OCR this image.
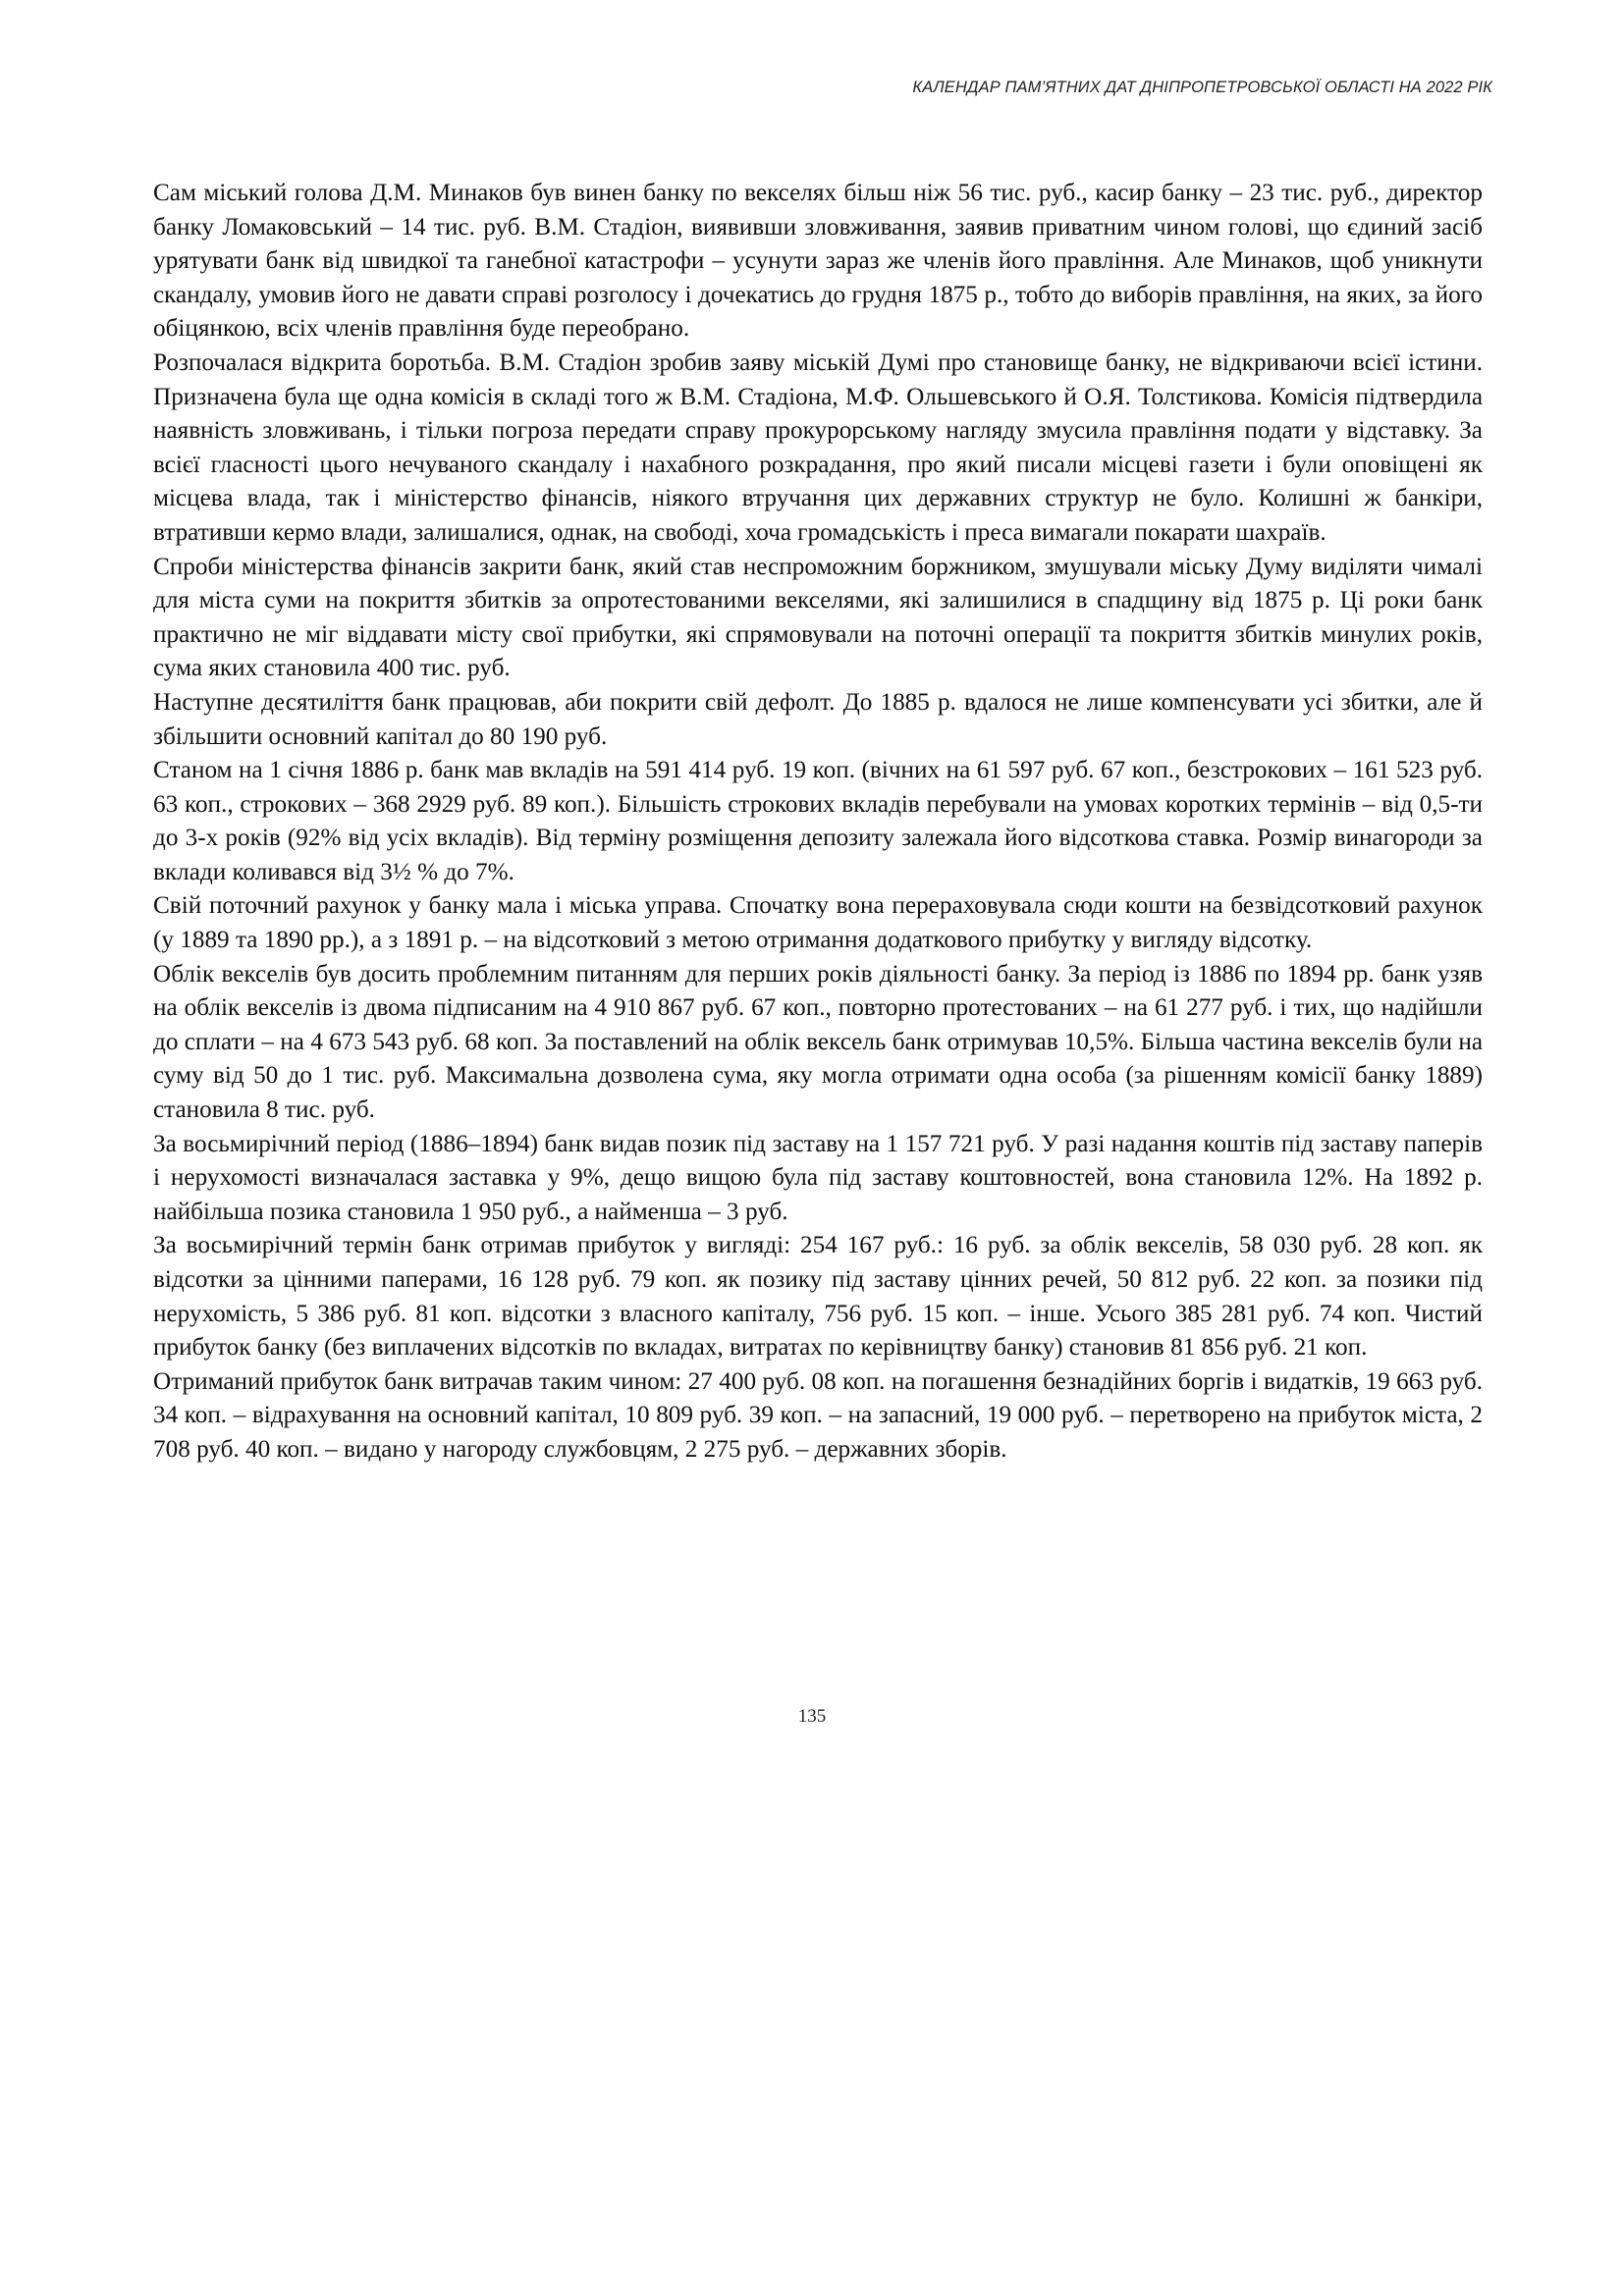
КАЛЕНДАР ПАМ’ЯТНИХ ДАТ ДНІПРОПЕТРОВСЬКОЇ ОБЛАСТІ НА 2022 РІК

Сам міський голова Д.М. Минаков був винен банку по векселях більш ніж 56 тис. руб., касир банку – 23 тис. руб., директор банку Ломаковський – 14 тис. руб. В.М. Стадіон, виявивши зловживання, заявив приватним чином голові, що єдиний засіб урятувати банк від швидкої та ганебної катастрофи – усунути зараз же членів його правління. Але Минаков, щоб уникнути скандалу, умовив його не давати справі розголосу і дочекатись до грудня 1875 р., тобто до виборів правління, на яких, за його обіцянкою, всіх членів правління буде переобрано.

Розпочалася відкрита боротьба. В.М. Стадіон зробив заяву міській Думі про становище банку, не відкриваючи всієї істини. Призначена була ще одна комісія в складі того ж В.М. Стадіона, М.Ф. Ольшевського й О.Я. Толстикова. Комісія підтвердила наявність зловживань, і тільки погроза передати справу прокурорському нагляду змусила правління подати у відставку. За всієї гласності цього нечуваного скандалу і нахабного розкрадання, про який писали місцеві газети і були оповіщені як місцева влада, так і міністерство фінансів, ніякого втручання цих державних структур не було. Колишні ж банкіри, втративши кермо влади, залишалися, однак, на свободі, хоча громадськість і преса вимагали покарати шахраїв.

Спроби міністерства фінансів закрити банк, який став неспроможним боржником, змушували міську Думу виділяти чималі для міста суми на покриття збитків за опротестованими векселями, які залишилися в спадщину від 1875 р. Ці роки банк практично не міг віддавати місту свої прибутки, які спрямовували на поточні операції та покриття збитків минулих років, сума яких становила 400 тис. руб.

Наступне десятиліття банк працював, аби покрити свій дефолт. До 1885 р. вдалося не лише компенсувати усі збитки, але й збільшити основний капітал до 80 190 руб.

Станом на 1 січня 1886 р. банк мав вкладів на 591 414 руб. 19 коп. (вічних на 61 597 руб. 67 коп., безстрокових – 161 523 руб. 63 коп., строкових – 368 2929 руб. 89 коп.). Більшість строкових вкладів перебували на умовах коротких термінів – від 0,5-ти до 3-х років (92% від усіх вкладів). Від терміну розміщення депозиту залежала його відсоткова ставка. Розмір винагороди за вклади коливався від 3½ % до 7%.

Свій поточний рахунок у банку мала і міська управа. Спочатку вона перераховувала сюди кошти на безвідсотковий рахунок (у 1889 та 1890 рр.), а з 1891 р. – на відсотковий з метою отримання додаткового прибутку у вигляду відсотку.

Облік векселів був досить проблемним питанням для перших років діяльності банку. За період із 1886 по 1894 рр. банк узяв на облік векселів із двома підписаним на 4 910 867 руб. 67 коп., повторно протестованих – на 61 277 руб. і тих, що надійшли до сплати – на 4 673 543 руб. 68 коп. За поставлений на облік вексель банк отримував 10,5%. Більша частина векселів були на суму від 50 до 1 тис. руб. Максимальна дозволена сума, яку могла отримати одна особа (за рішенням комісії банку 1889) становила 8 тис. руб.

За восьмирічний період (1886–1894) банк видав позик під заставу на 1 157 721 руб. У разі надання коштів під заставу паперів і нерухомості визначалася заставка у 9%, дещо вищою була під заставу коштовностей, вона становила 12%. На 1892 р. найбільша позика становила 1 950 руб., а найменша – 3 руб.

За восьмирічний термін банк отримав прибуток у вигляді: 254 167 руб.: 16 руб. за облік векселів, 58 030 руб. 28 коп. як відсотки за цінними паперами, 16 128 руб. 79 коп. як позику під заставу цінних речей, 50 812 руб. 22 коп. за позики під нерухомість, 5 386 руб. 81 коп. відсотки з власного капіталу, 756 руб. 15 коп. – інше. Усього 385 281 руб. 74 коп. Чистий прибуток банку (без виплачених відсотків по вкладах, витратах по керівництву банку) становив 81 856 руб. 21 коп.

Отриманий прибуток банк витрачав таким чином: 27 400 руб. 08 коп. на погашення безнадійних боргів і видатків, 19 663 руб. 34 коп. – відрахування на основний капітал, 10 809 руб. 39 коп. – на запасний, 19 000 руб. – перетворено на прибуток міста, 2 708 руб. 40 коп. – видано у нагороду службовцям, 2 275 руб. – державних зборів.

135
